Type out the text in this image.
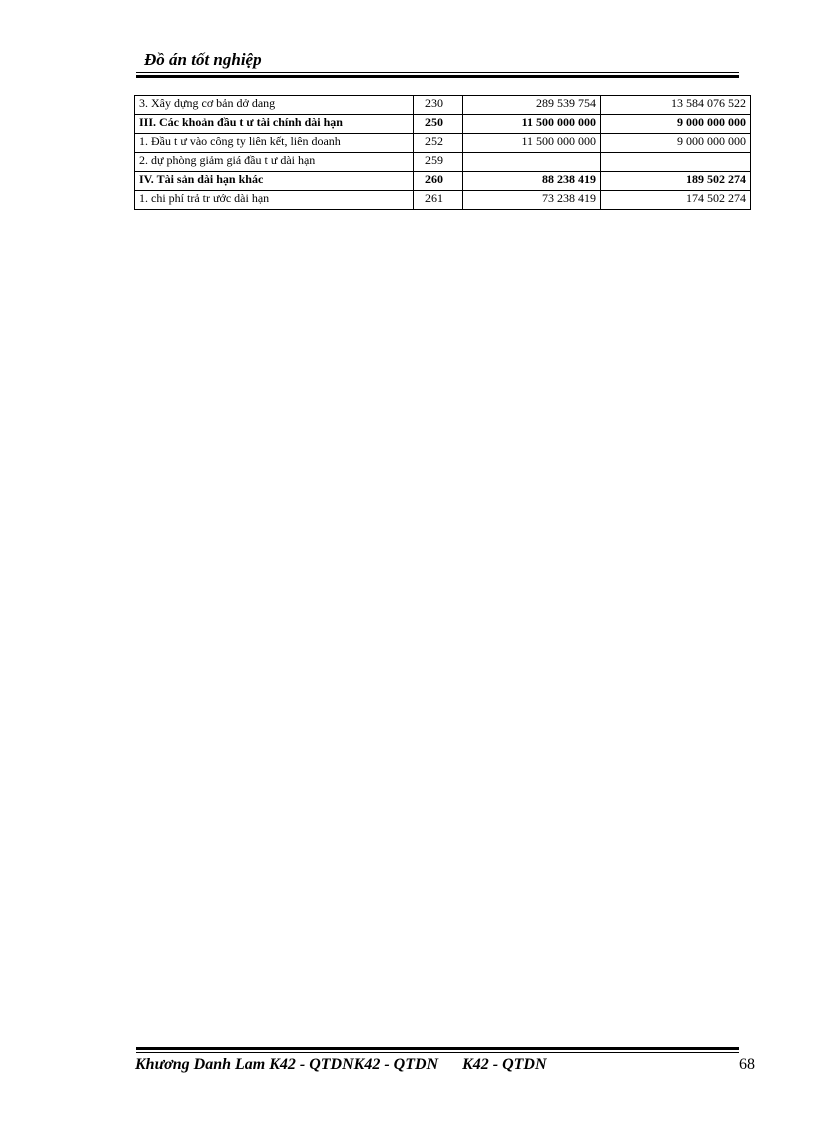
Đồ án tốt nghiệp
3. Xây dựng cơ bản dở dang	230	289 539 754	13 584 076 522
III. Các khoản đầu t ư tài chính dài hạn	250	11 500 000 000	9 000 000 000
1. Đầu t ư vào công ty liên kết, liên doanh	252	11 500 000 000	9 000 000 000
2. dự phòng giảm giá đầu t ư dài hạn	259		
IV. Tài sản dài hạn khác	260	88 238 419	189 502 274
1. chi phí trả tr ước dài hạn	261	73 238 419	174 502 274
Khương Danh Lam K42 - QTDNK42 - QTDN      K42 - QTDN	68
